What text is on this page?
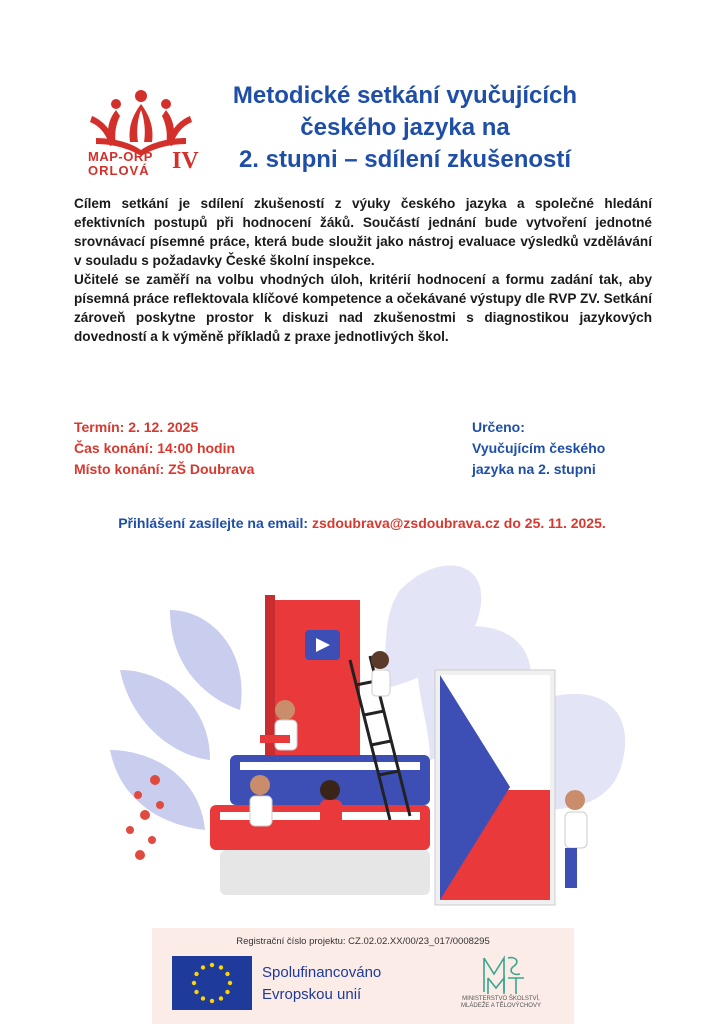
MAP-ORP
ORLOVÁ IV
Metodické setkání vyučujících
českého jazyka na
2. stupni – sdílení zkušeností

Cílem setkání je sdílení zkušeností z výuky českého jazyka a společné hledání efektivních postupů při hodnocení žáků. Součástí jednání bude vytvoření jednotné srovnávací písemné práce, která bude sloužit jako nástroj evaluace výsledků vzdělávání v souladu s požadavky České školní inspekce.

Učitelé se zaměří na volbu vhodných úloh, kritérií hodnocení a formu zadání tak, aby písemná práce reflektovala klíčové kompetence a očekávané výstupy dle RVP ZV. Setkání zároveň poskytne prostor k diskuzi nad zkušenostmi s diagnostikou jazykových dovedností a k výměně příkladů z praxe jednotlivých škol.

Termín: 2. 12. 2025
Čas konání: 14:00 hodin
Místo konání: ZŠ Doubrava
Určeno:
Vyučujícím českého
jazyka na 2. stupni
Přihlášení zasílejte na email: zsdoubrava@zsdoubrava.cz do 25. 11. 2025.
Registrační číslo projektu: CZ.02.02.XX/00/23_017/0008295
Spolufinancováno
Evropskou unií	MINISTERSTVO ŠKOLSTVÍ,
MLÁDEŽE A TĚLOVÝCHOVY
